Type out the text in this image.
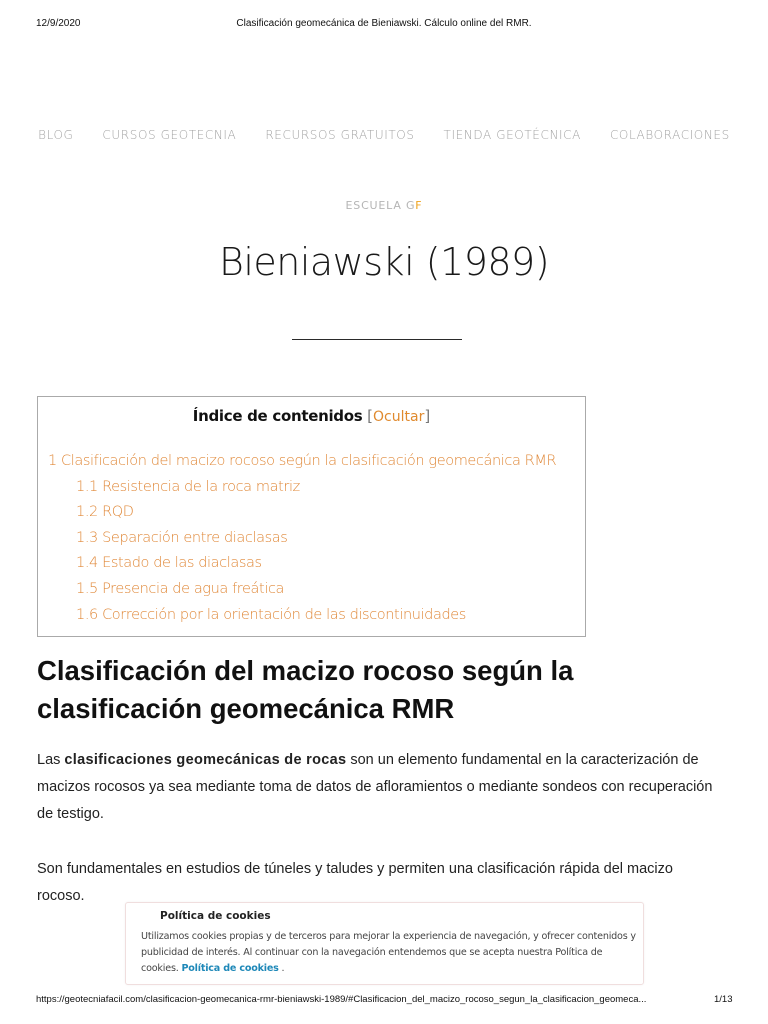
12/9/2020	Clasificación geomecánica de Bieniawski. Cálculo online del RMR.
BLOG CURSOS GEOTECNIA RECURSOS GRATUITOS TIENDA GEOTÉCNICA COLABORACIONES
ESCUELA GF
Bieniawski (1989)
Índice de contenidos [Ocultar]
1 Clasificación del macizo rocoso según la clasificación geomecánica RMR
1.1 Resistencia de la roca matriz
1.2 RQD
1.3 Separación entre diaclasas
1.4 Estado de las diaclasas
1.5 Presencia de agua freática
1.6 Corrección por la orientación de las discontinuidades
Clasificación del macizo rocoso según la
clasificación geomecánica RMR

Las clasificaciones geomecánicas de rocas son un elemento fundamental en la caracterización de macizos rocosos ya sea mediante toma de datos de afloramientos o mediante sondeos con recuperación de testigo.

Son fundamentales en estudios de túneles y taludes y permiten una clasificación rápida del macizo rocoso.

Política de cookies
Utilizamos cookies propias y de terceros para mejorar la experiencia de navegación, y ofrecer contenidos y publicidad de interés. Al continuar con la navegación entendemos que se acepta nuestra Política de cookies. Política de cookies .
https://geotecniafacil.com/clasificacion-geomecanica-rmr-bieniawski-1989/#Clasificacion_del_macizo_rocoso_segun_la_clasificacion_geomeca...	1/13
